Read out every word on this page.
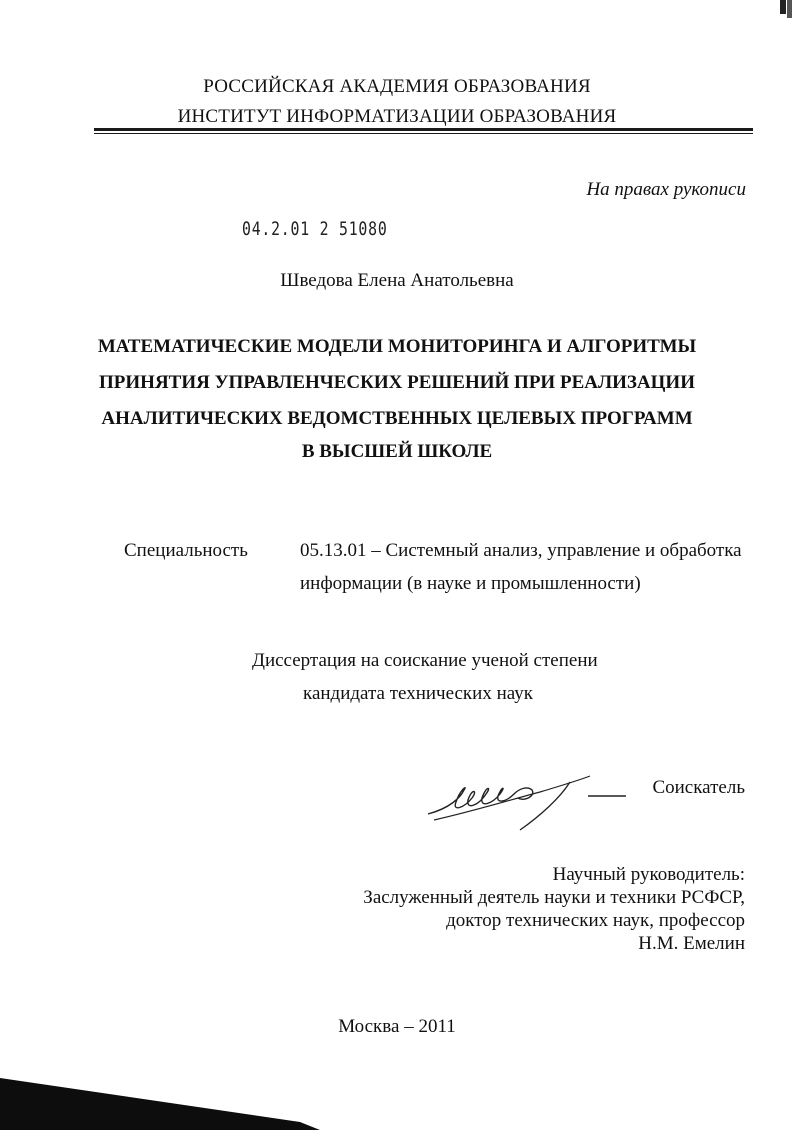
РОССИЙСКАЯ АКАДЕМИЯ ОБРАЗОВАНИЯ
ИНСТИТУТ ИНФОРМАТИЗАЦИИ ОБРАЗОВАНИЯ
На правах рукописи
04.2.01 2 51080
Шведова Елена Анатольевна
МАТЕМАТИЧЕСКИЕ МОДЕЛИ МОНИТОРИНГА И АЛГОРИТМЫ
ПРИНЯТИЯ УПРАВЛЕНЧЕСКИХ РЕШЕНИЙ ПРИ РЕАЛИЗАЦИИ
АНАЛИТИЧЕСКИХ ВЕДОМСТВЕННЫХ ЦЕЛЕВЫХ ПРОГРАММ
В ВЫСШЕЙ ШКОЛЕ
Специальность	05.13.01 – Системный анализ, управление и обработка
информации (в науке и промышленности)
Диссертация на соискание ученой степени
кандидата технических наук
Соискатель
Научный руководитель:
Заслуженный деятель науки и техники РСФСР,
доктор технических наук, профессор
Н.М. Емелин
Москва – 2011
